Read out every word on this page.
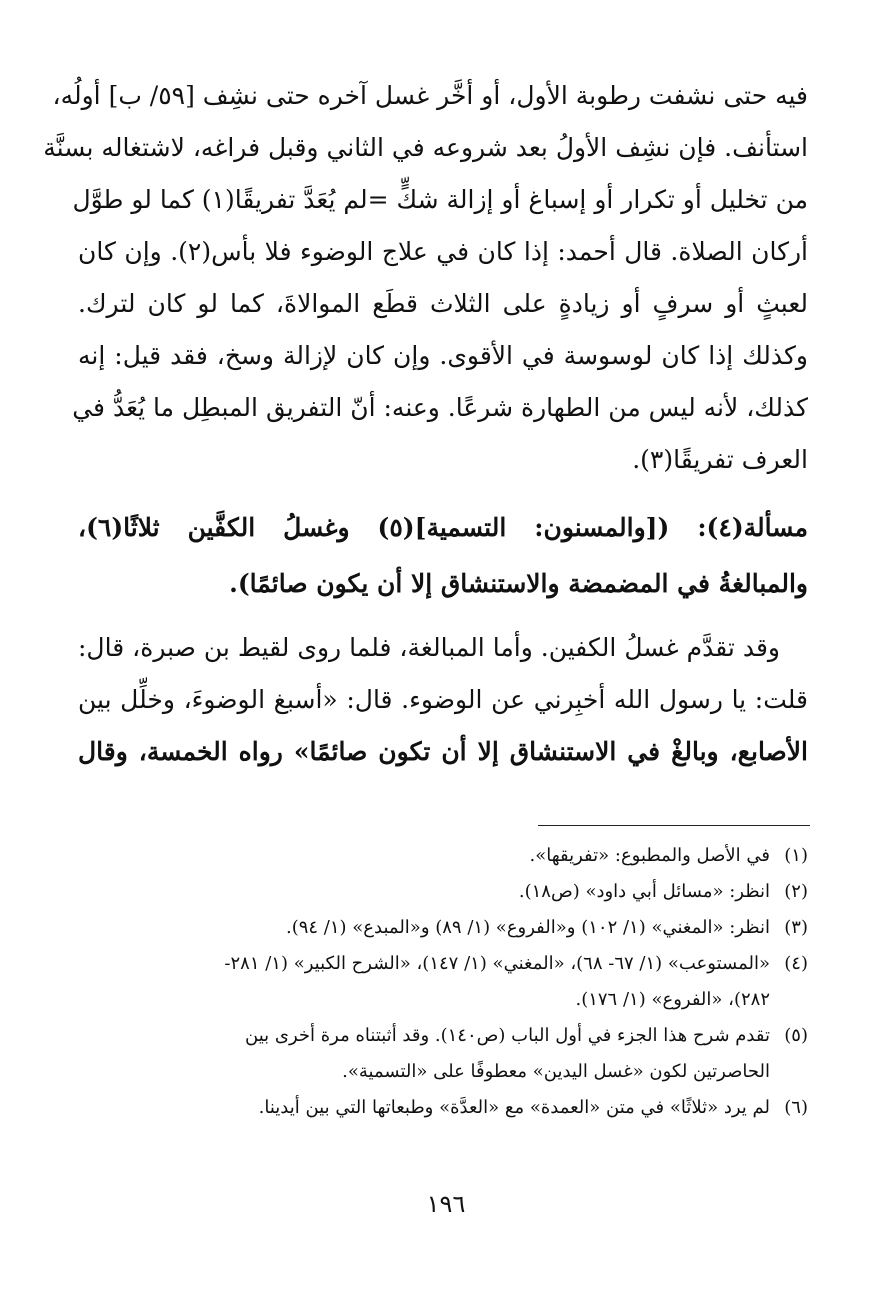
فيه حتى نشفت رطوبة الأول، أو أخَّر غسل آخره حتى نشِف [٥٩/ ب] أولُه،

استأنف. فإن نشِف الأولُ بعد شروعه في الثاني وقبل فراغه، لاشتغاله بسنَّة

من تخليل أو تكرار أو إسباغ أو إزالة شكٍّ =لم يُعَدَّ تفريقًا(١) كما لو طوَّل

أركان الصلاة. قال أحمد: إذا كان في علاج الوضوء فلا بأس(٢). وإن كان

لعبثٍ أو سرفٍ أو زيادةٍ على الثلاث قطَع الموالاةَ، كما لو كان لترك.

وكذلك إذا كان لوسوسة في الأقوى. وإن كان لإزالة وسخ، فقد قيل: إنه

كذلك، لأنه ليس من الطهارة شرعًا. وعنه: أنّ التفريق المبطِل ما يُعَدُّ في

العرف تفريقًا(٣).

مسألة(٤): ([والمسنون: التسمية](٥) وغسلُ الكفَّين ثلاثًا(٦)،

والمبالغةُ في المضمضة والاستنشاق إلا أن يكون صائمًا).

وقد تقدَّم غسلُ الكفين. وأما المبالغة، فلما روى لقيط بن صبرة، قال:

قلت: يا رسول الله أخبِرني عن الوضوء. قال: «أسبغ الوضوءَ، وخلِّل بين

الأصابع، وبالغْ في الاستنشاق إلا أن تكون صائمًا» رواه الخمسة، وقال

(١)في الأصل والمطبوع: «تفريقها».

(٢)انظر: «مسائل أبي داود» (ص١٨).

(٣)انظر: «المغني» (١/ ١٠٢) و«الفروع» (١/ ٨٩) و«المبدع» (١/ ٩٤).

(٤)«المستوعب» (١/ ٦٧- ٦٨)، «المغني» (١/ ١٤٧)، «الشرح الكبير» (١/ ٢٨١-

٢٨٢)، «الفروع» (١/ ١٧٦).

(٥)تقدم شرح هذا الجزء في أول الباب (ص١٤٠). وقد أثبتناه مرة أخرى بين

الحاصرتين لكون «غسل اليدين» معطوفًا على «التسمية».

(٦)لم يرد «ثلاثًا» في متن «العمدة» مع «العدَّة» وطبعاتها التي بين أيدينا.

١٩٦
